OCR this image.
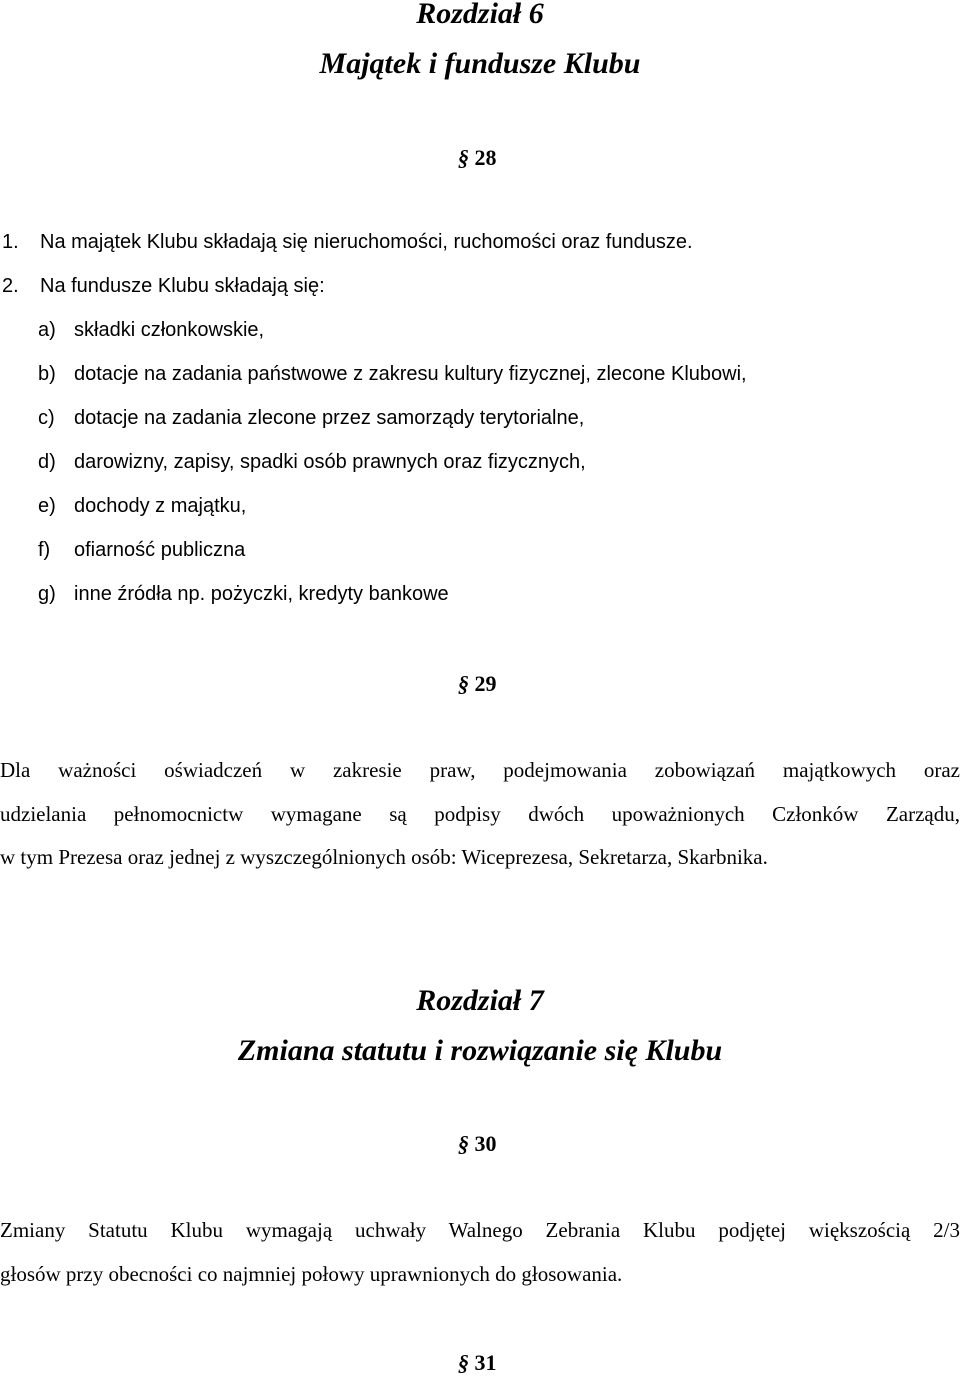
Rozdział 6
Majątek i fundusze Klubu
§ 28
1. Na majątek Klubu składają się nieruchomości, ruchomości oraz fundusze.
2. Na fundusze Klubu składają się:
a) składki członkowskie,
b) dotacje na zadania państwowe z zakresu kultury fizycznej, zlecone Klubowi,
c) dotacje na zadania zlecone przez samorządy terytorialne,
d) darowizny, zapisy, spadki osób prawnych oraz fizycznych,
e) dochody z majątku,
f) ofiarność publiczna
g) inne źródła np. pożyczki, kredyty bankowe
§ 29
Dla ważności oświadczeń w zakresie praw, podejmowania zobowiązań majątkowych oraz
udzielania pełnomocnictw wymagane są podpisy dwóch upoważnionych Członków Zarządu,
w tym Prezesa oraz jednej z wyszczególnionych osób: Wiceprezesa, Sekretarza, Skarbnika.
Rozdział 7
Zmiana statutu i rozwiązanie się Klubu
§ 30
Zmiany Statutu Klubu wymagają uchwały Walnego Zebrania Klubu podjętej większością 2/3
głosów przy obecności co najmniej połowy uprawnionych do głosowania.
§ 31
